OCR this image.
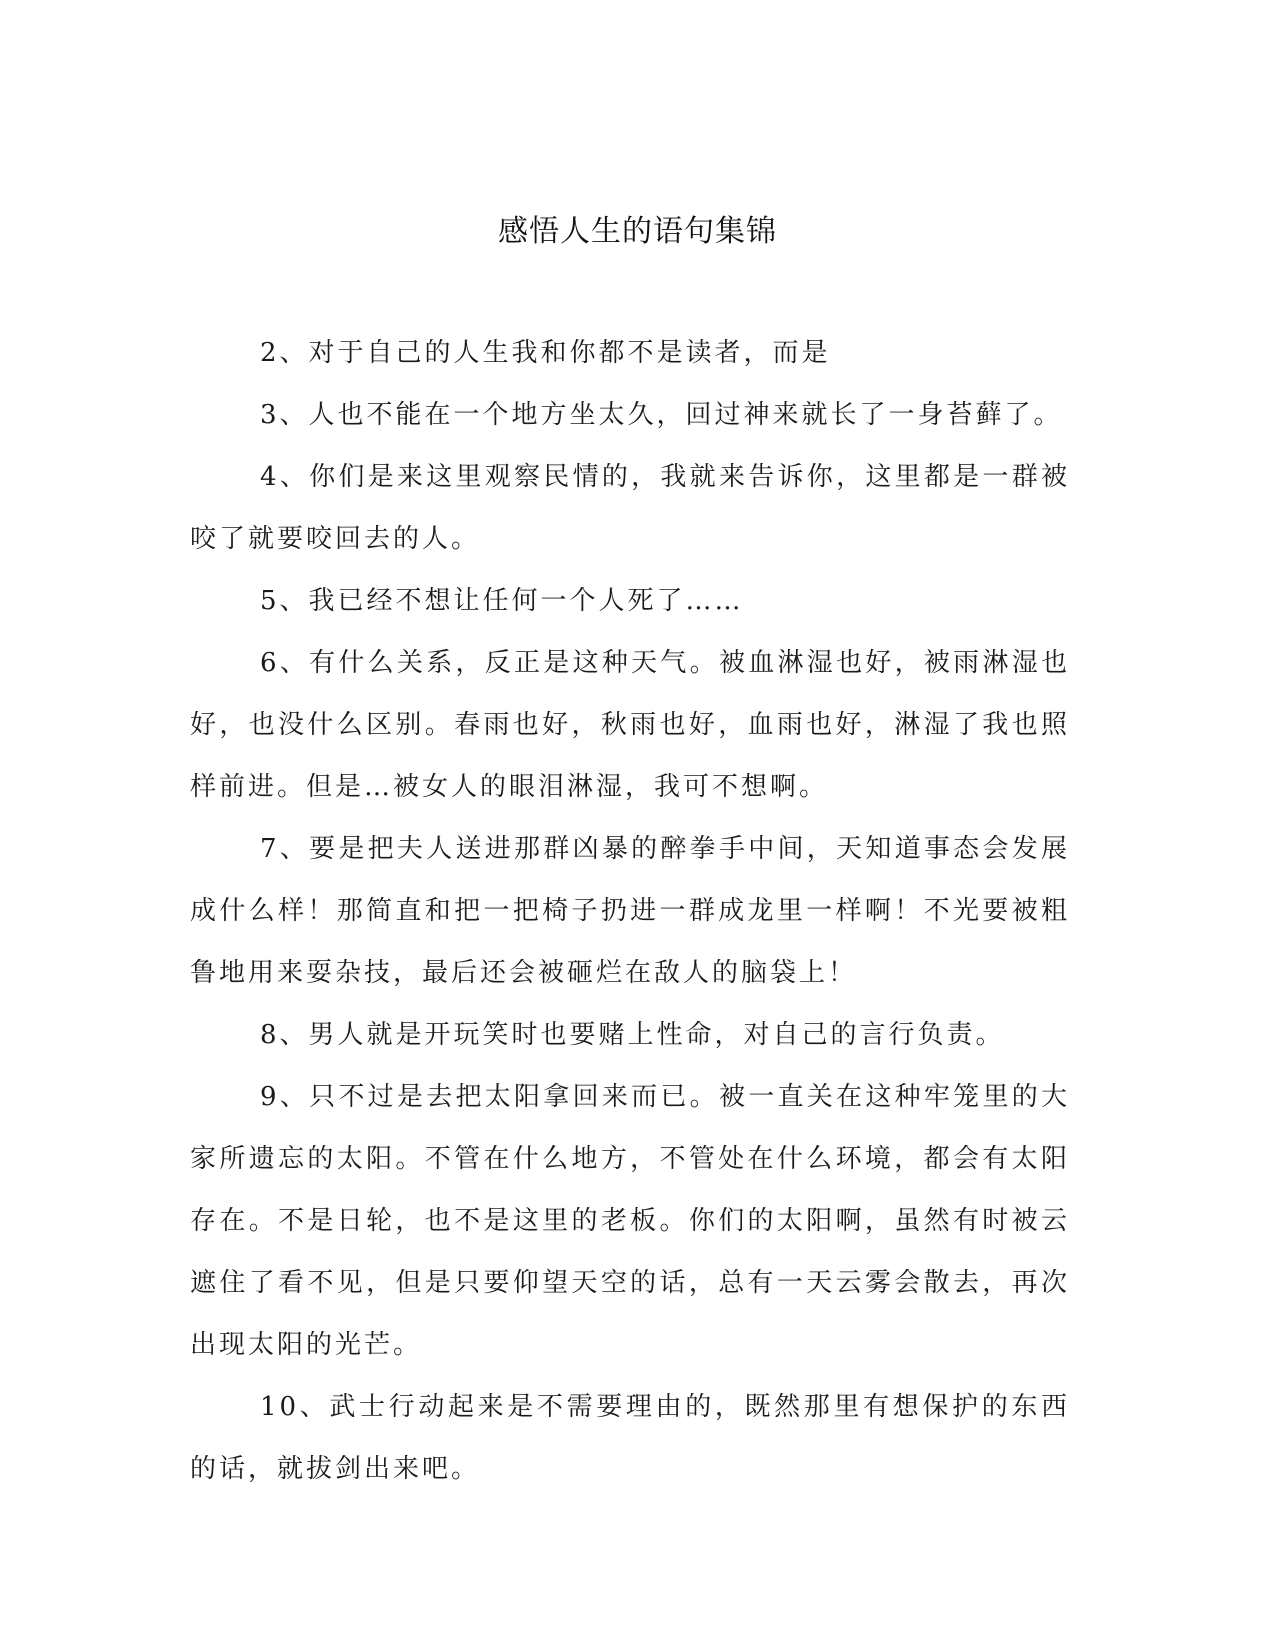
感悟人生的语句集锦

2、对于自己的人生我和你都不是读者，而是

3、人也不能在一个地方坐太久，回过神来就长了一身苔藓了。

4、你们是来这里观察民情的，我就来告诉你，这里都是一群被咬了就要咬回去的人。

5、我已经不想让任何一个人死了……

6、有什么关系，反正是这种天气。被血淋湿也好，被雨淋湿也好，也没什么区别。春雨也好，秋雨也好，血雨也好，淋湿了我也照样前进。但是…被女人的眼泪淋湿，我可不想啊。

7、要是把夫人送进那群凶暴的醉拳手中间，天知道事态会发展成什么样！那简直和把一把椅子扔进一群成龙里一样啊！不光要被粗鲁地用来耍杂技，最后还会被砸烂在敌人的脑袋上！

8、男人就是开玩笑时也要赌上性命，对自己的言行负责。

9、只不过是去把太阳拿回来而已。被一直关在这种牢笼里的大家所遗忘的太阳。不管在什么地方，不管处在什么环境，都会有太阳存在。不是日轮，也不是这里的老板。你们的太阳啊，虽然有时被云遮住了看不见，但是只要仰望天空的话，总有一天云雾会散去，再次出现太阳的光芒。

10、武士行动起来是不需要理由的，既然那里有想保护的东西的话，就拔剑出来吧。
